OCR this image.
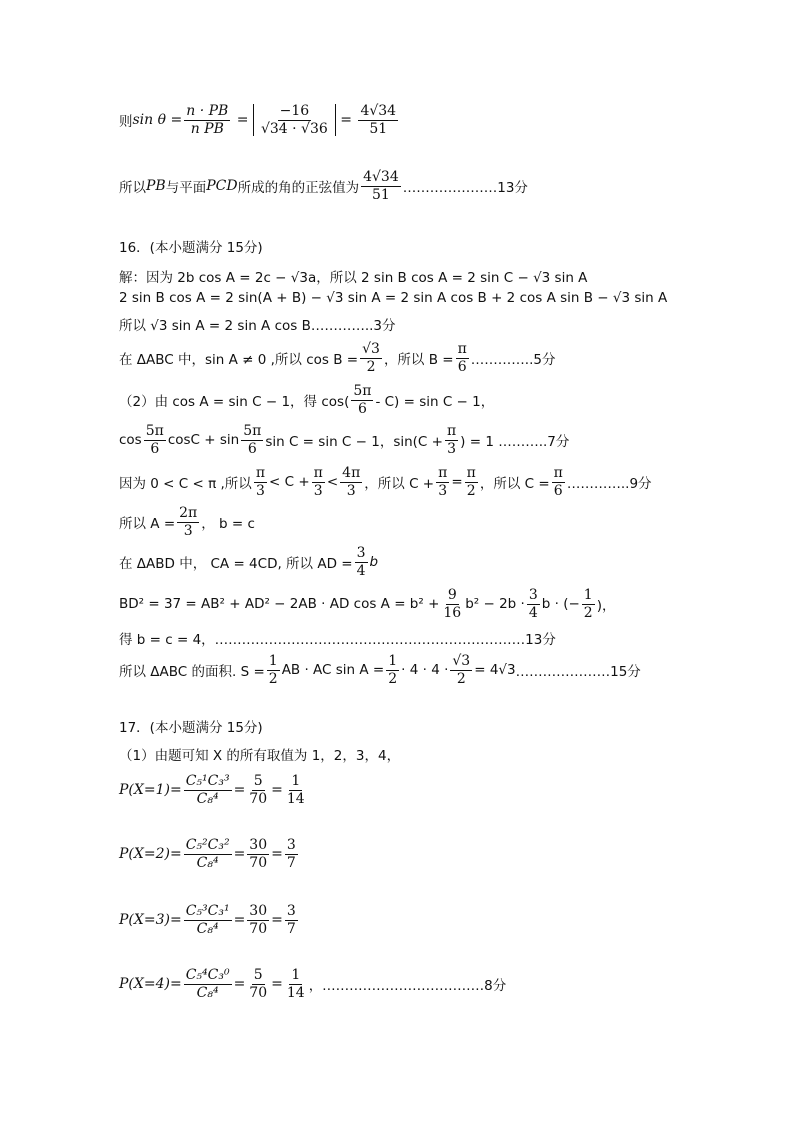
则 $\sin \theta = \frac{n \cdot PB}{\text{n PB}} = \frac{-16}{√34 \cdot √36} = \frac{4√34}{51}$
所以 PB 与平面 PCD 所成的角的正弦值为 $\frac{4√34}{51}$ …………………13分
16．(本小题满分 15分)
解：因为 2b cos A = 2c − √3a，所以 2 sin B cos A = 2 sin C − √3 sin A
2 sin B cos A = 2 sin(A + B) − √3 sin A = 2 sin A cos B + 2 cos A sin B − √3 sin A
所以 √3 sin A = 2 sin A cos B …………..3分
在 ΔABC 中，sin A ≠ 0 ,所以 $\cos B = \frac{√3}{2}$ ，所以 $B = \frac{\pi}{6}$ …………..5分
（2）由 cos A = sin C − 1，得 $\cos( \frac{5\pi}{6} - C) = \sin C - 1$，
$\cos \frac{5\pi}{6}$ $\cos C + \sin \frac{5\pi}{6}$ sin C = sin C − 1，$\sin(C + \frac{\pi}{3}$ ) = 1 ………..7分
因为 0 < C < π ,所以 $\frac{\pi}{3} < C + \frac{\pi}{3} < \frac{4\pi}{3}$ ，所以 $C + \frac{\pi}{3} = \frac{\pi}{2}$ ，所以 $C = \frac{\pi}{6}$ …………..9分
所以 $A = \frac{2\pi}{3}$ ， b = c
在 ΔABD 中， CA = 4CD, 所以 AD = $\frac{3}{4}$ b
BD² = 37 = AB² + AD² − 2AB · AD $\cos A = b^2 + \frac{9}{16} b^2 - 2b \cdot \frac{3}{4}$ b · (− $\frac{1}{2}$ )，
得 b = c = 4， ……………………………………………………………13分
所以 ΔABC 的面积. $S = \frac{1}{2}$ AB · AC $\sin A = \frac{1}{2} \cdot 4 \cdot 4 \cdot \frac{√3}{2} = 4√3$ …………………15分
17．(本小题满分 15分)
（1）由题可知 X 的所有取值为 1，2，3，4，
$P(X=1)= \frac{\text{C₅¹C₃³}}{\text{C₈⁴}} = \frac{5}{70} = \frac{1}{14}$
$P(X=2)= \frac{\text{C₅²C₃²}}{\text{C₈⁴}} = \frac{30}{70} = \frac{3}{7}$
$P(X=3)= \frac{\text{C₅³C₃¹}}{\text{C₈⁴}} = \frac{30}{70} = \frac{3}{7}$
$P(X=4)= \frac{\text{C₅⁴C₃⁰}}{\text{C₈⁴}} = \frac{5}{70} = \frac{1}{14}$ ，………………………………8分
